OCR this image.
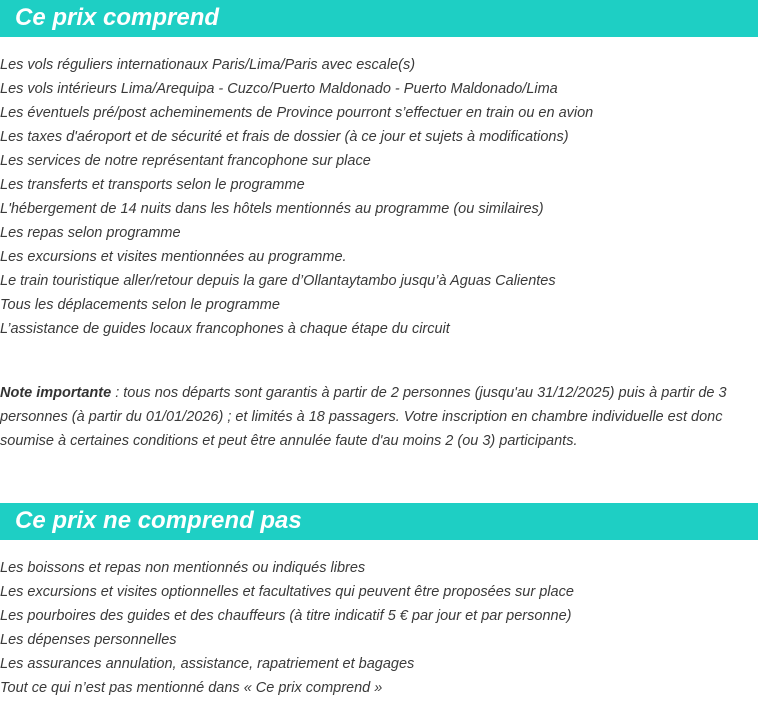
Ce prix comprend
Les vols réguliers internationaux Paris/Lima/Paris avec escale(s)
Les vols intérieurs Lima/Arequipa - Cuzco/Puerto Maldonado - Puerto Maldonado/Lima
Les éventuels pré/post acheminements de Province pourront s’effectuer en train ou en avion
Les taxes d'aéroport et de sécurité et frais de dossier (à ce jour et sujets à modifications)
Les services de notre représentant francophone sur place
Les transferts et transports selon le programme
L'hébergement de 14 nuits dans les hôtels mentionnés au programme (ou similaires)
Les repas selon programme
Les excursions et visites mentionnées au programme.
Le train touristique aller/retour depuis la gare d’Ollantaytambo jusqu’à Aguas Calientes
Tous les déplacements selon le programme
L’assistance de guides locaux francophones à chaque étape du circuit

Note importante : tous nos départs sont garantis à partir de 2 personnes (jusqu'au 31/12/2025) puis à partir de 3 personnes (à partir du 01/01/2026) ; et limités à 18 passagers. Votre inscription en chambre individuelle est donc soumise à certaines conditions et peut être annulée faute d'au moins 2 (ou 3) participants.

Ce prix ne comprend pas
Les boissons et repas non mentionnés ou indiqués libres
Les excursions et visites optionnelles et facultatives qui peuvent être proposées sur place
Les pourboires des guides et des chauffeurs (à titre indicatif 5 € par jour et par personne)
Les dépenses personnelles
Les assurances annulation, assistance, rapatriement et bagages
Tout ce qui n’est pas mentionné dans « Ce prix comprend »
